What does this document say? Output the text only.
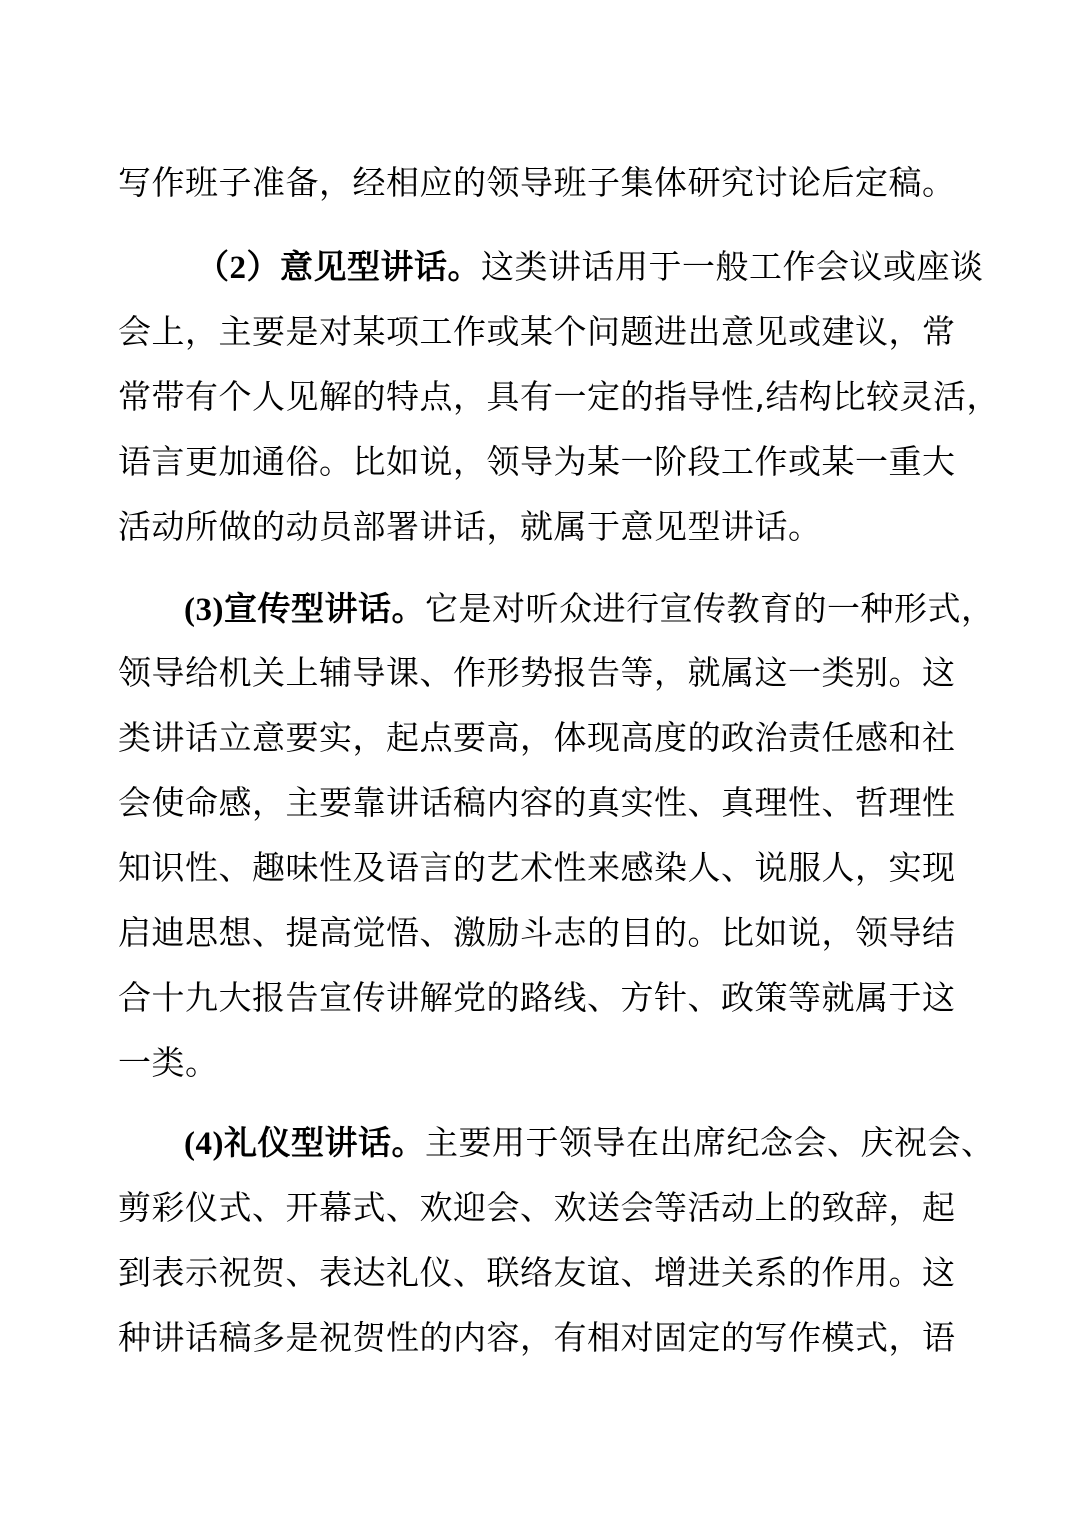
写作班子准备，经相应的领导班子集体研究讨论后定稿。
（2）意见型讲话。这类讲话用于一般工作会议或座谈
会上，主要是对某项工作或某个问题进出意见或建议，常
常带有个人见解的特点，具有一定的指导性,结构比较灵活，
语言更加通俗。比如说，领导为某一阶段工作或某一重大
活动所做的动员部署讲话，就属于意见型讲话。
(3)宣传型讲话。它是对听众进行宣传教育的一种形式，
领导给机关上辅导课、作形势报告等，就属这一类别。这
类讲话立意要实，起点要高，体现高度的政治责任感和社
会使命感，主要靠讲话稿内容的真实性、真理性、哲理性
知识性、趣味性及语言的艺术性来感染人、说服人，实现
启迪思想、提高觉悟、激励斗志的目的。比如说，领导结
合十九大报告宣传讲解党的路线、方针、政策等就属于这
一类。
(4)礼仪型讲话。主要用于领导在出席纪念会、庆祝会、
剪彩仪式、开幕式、欢迎会、欢送会等活动上的致辞，起
到表示祝贺、表达礼仪、联络友谊、增进关系的作用。这
种讲话稿多是祝贺性的内容，有相对固定的写作模式，语
